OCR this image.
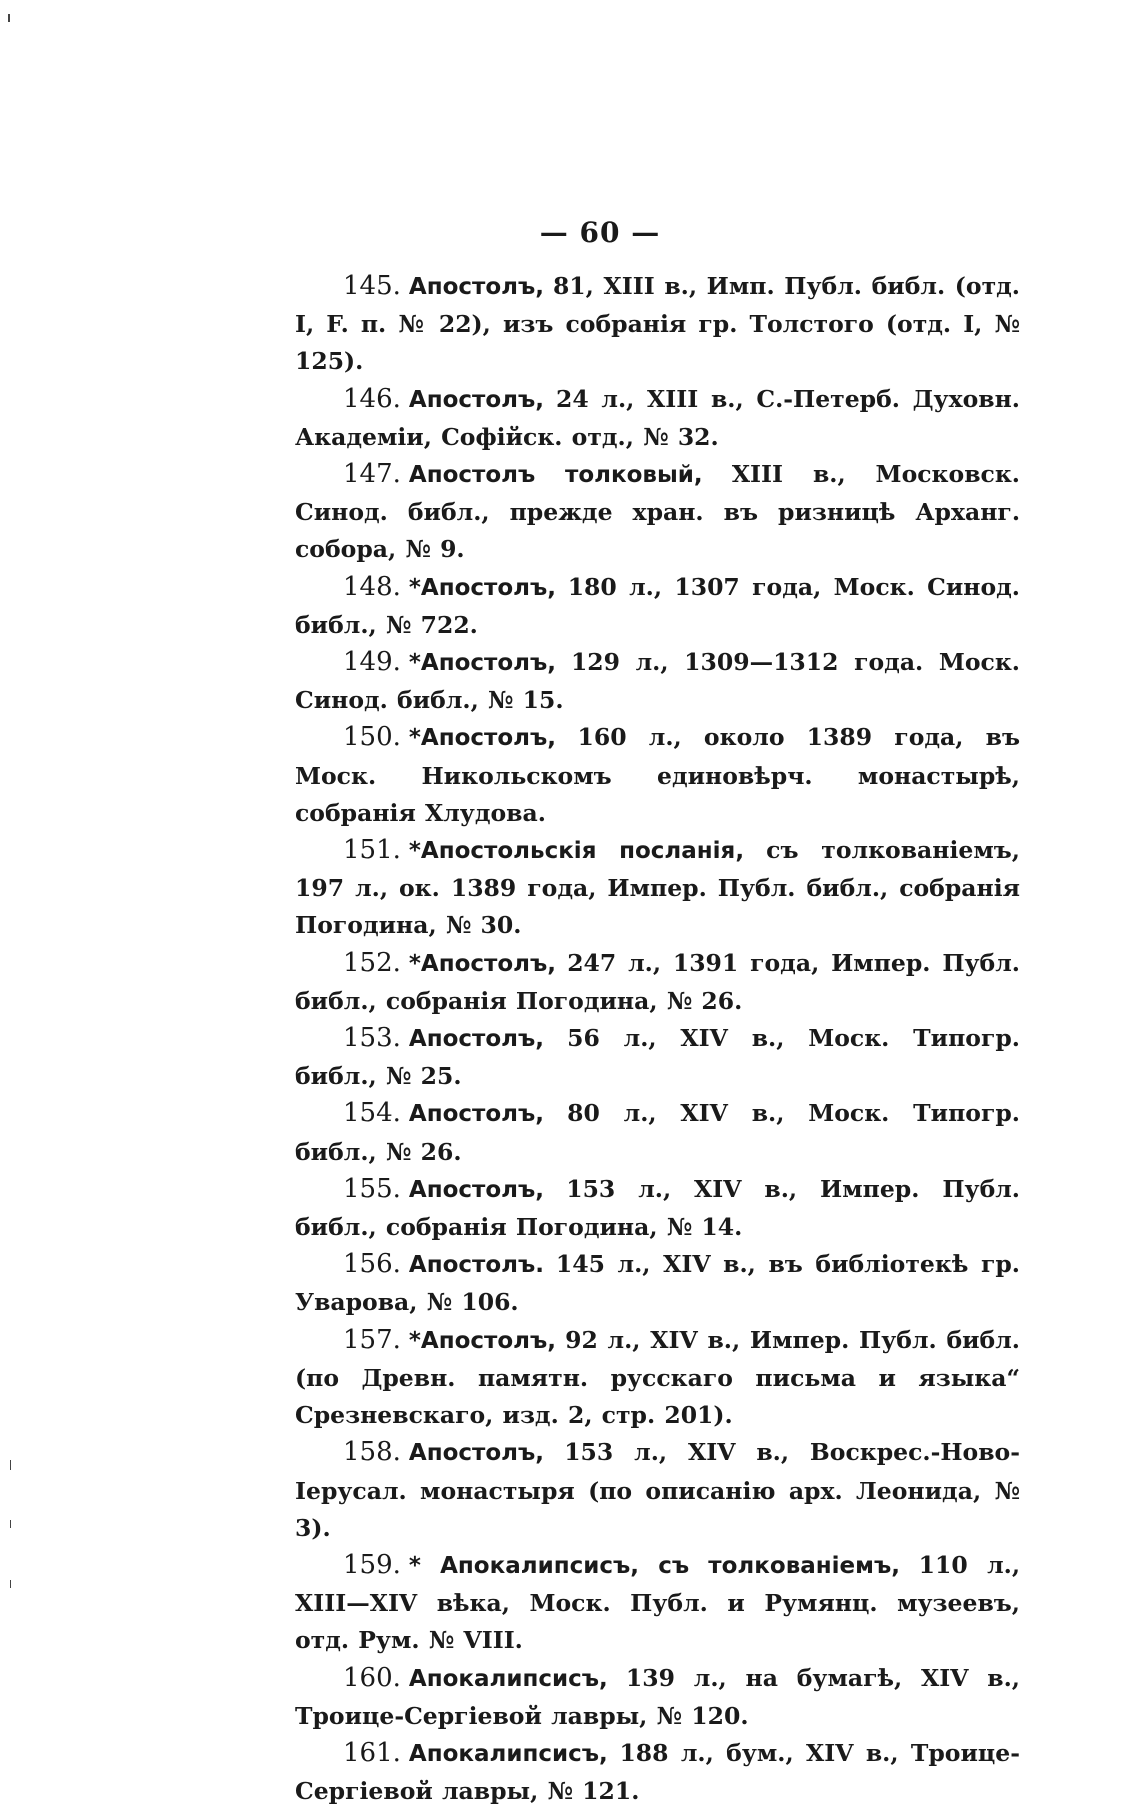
— 60 —

145. Апостолъ, 81, XIII в., Имп. Публ. библ. (отд. I, F. п. № 22), изъ собранія гр. Толстого (отд. I, № 125).

146. Апостолъ, 24 л., XIII в., С.-Петерб. Духовн. Академіи, Софійск. отд., № 32.

147. Апостолъ толковый, XIII в., Московск. Синод. библ., прежде хран. въ ризницѣ Арханг. собора, № 9.

148. *Апостолъ, 180 л., 1307 года, Моск. Синод. библ., № 722.

149. *Апостолъ, 129 л., 1309—1312 года. Моск. Синод. библ., № 15.

150. *Апостолъ, 160 л., около 1389 года, въ Моск. Никольскомъ единовѣрч. монастырѣ, собранія Хлудова.

151. *Апостольскія посланія, съ толкованіемъ, 197 л., ок. 1389 года, Импер. Публ. библ., собранія Погодина, № 30.

152. *Апостолъ, 247 л., 1391 года, Импер. Публ. библ., собранія Погодина, № 26.

153. Апостолъ, 56 л., XIV в., Моск. Типогр. библ., № 25.

154. Апостолъ, 80 л., XIV в., Моск. Типогр. библ., № 26.

155. Апостолъ, 153 л., XIV в., Импер. Публ. библ., собранія Погодина, № 14.

156. Апостолъ. 145 л., XIV в., въ библіотекѣ гр. Уварова, № 106.

157. *Апостолъ, 92 л., XIV в., Импер. Публ. библ. (по Древн. памятн. русскаго письма и языка“ Срезневскаго, изд. 2, стр. 201).

158. Апостолъ, 153 л., XIV в., Воскрес.-Ново-Іерусал. монастыря (по описанію арх. Леонида, № 3).

159. * Апокалипсисъ, съ толкованіемъ, 110 л., XIII—XIV вѣка, Моск. Публ. и Румянц. музеевъ, отд. Рум. № VIII.

160. Апокалипсисъ, 139 л., на бумагѣ, XIV в., Троице-Сергіевой лавры, № 120.

161. Апокалипсисъ, 188 л., бум., XIV в., Троице-Сергіевой лавры, № 121.
